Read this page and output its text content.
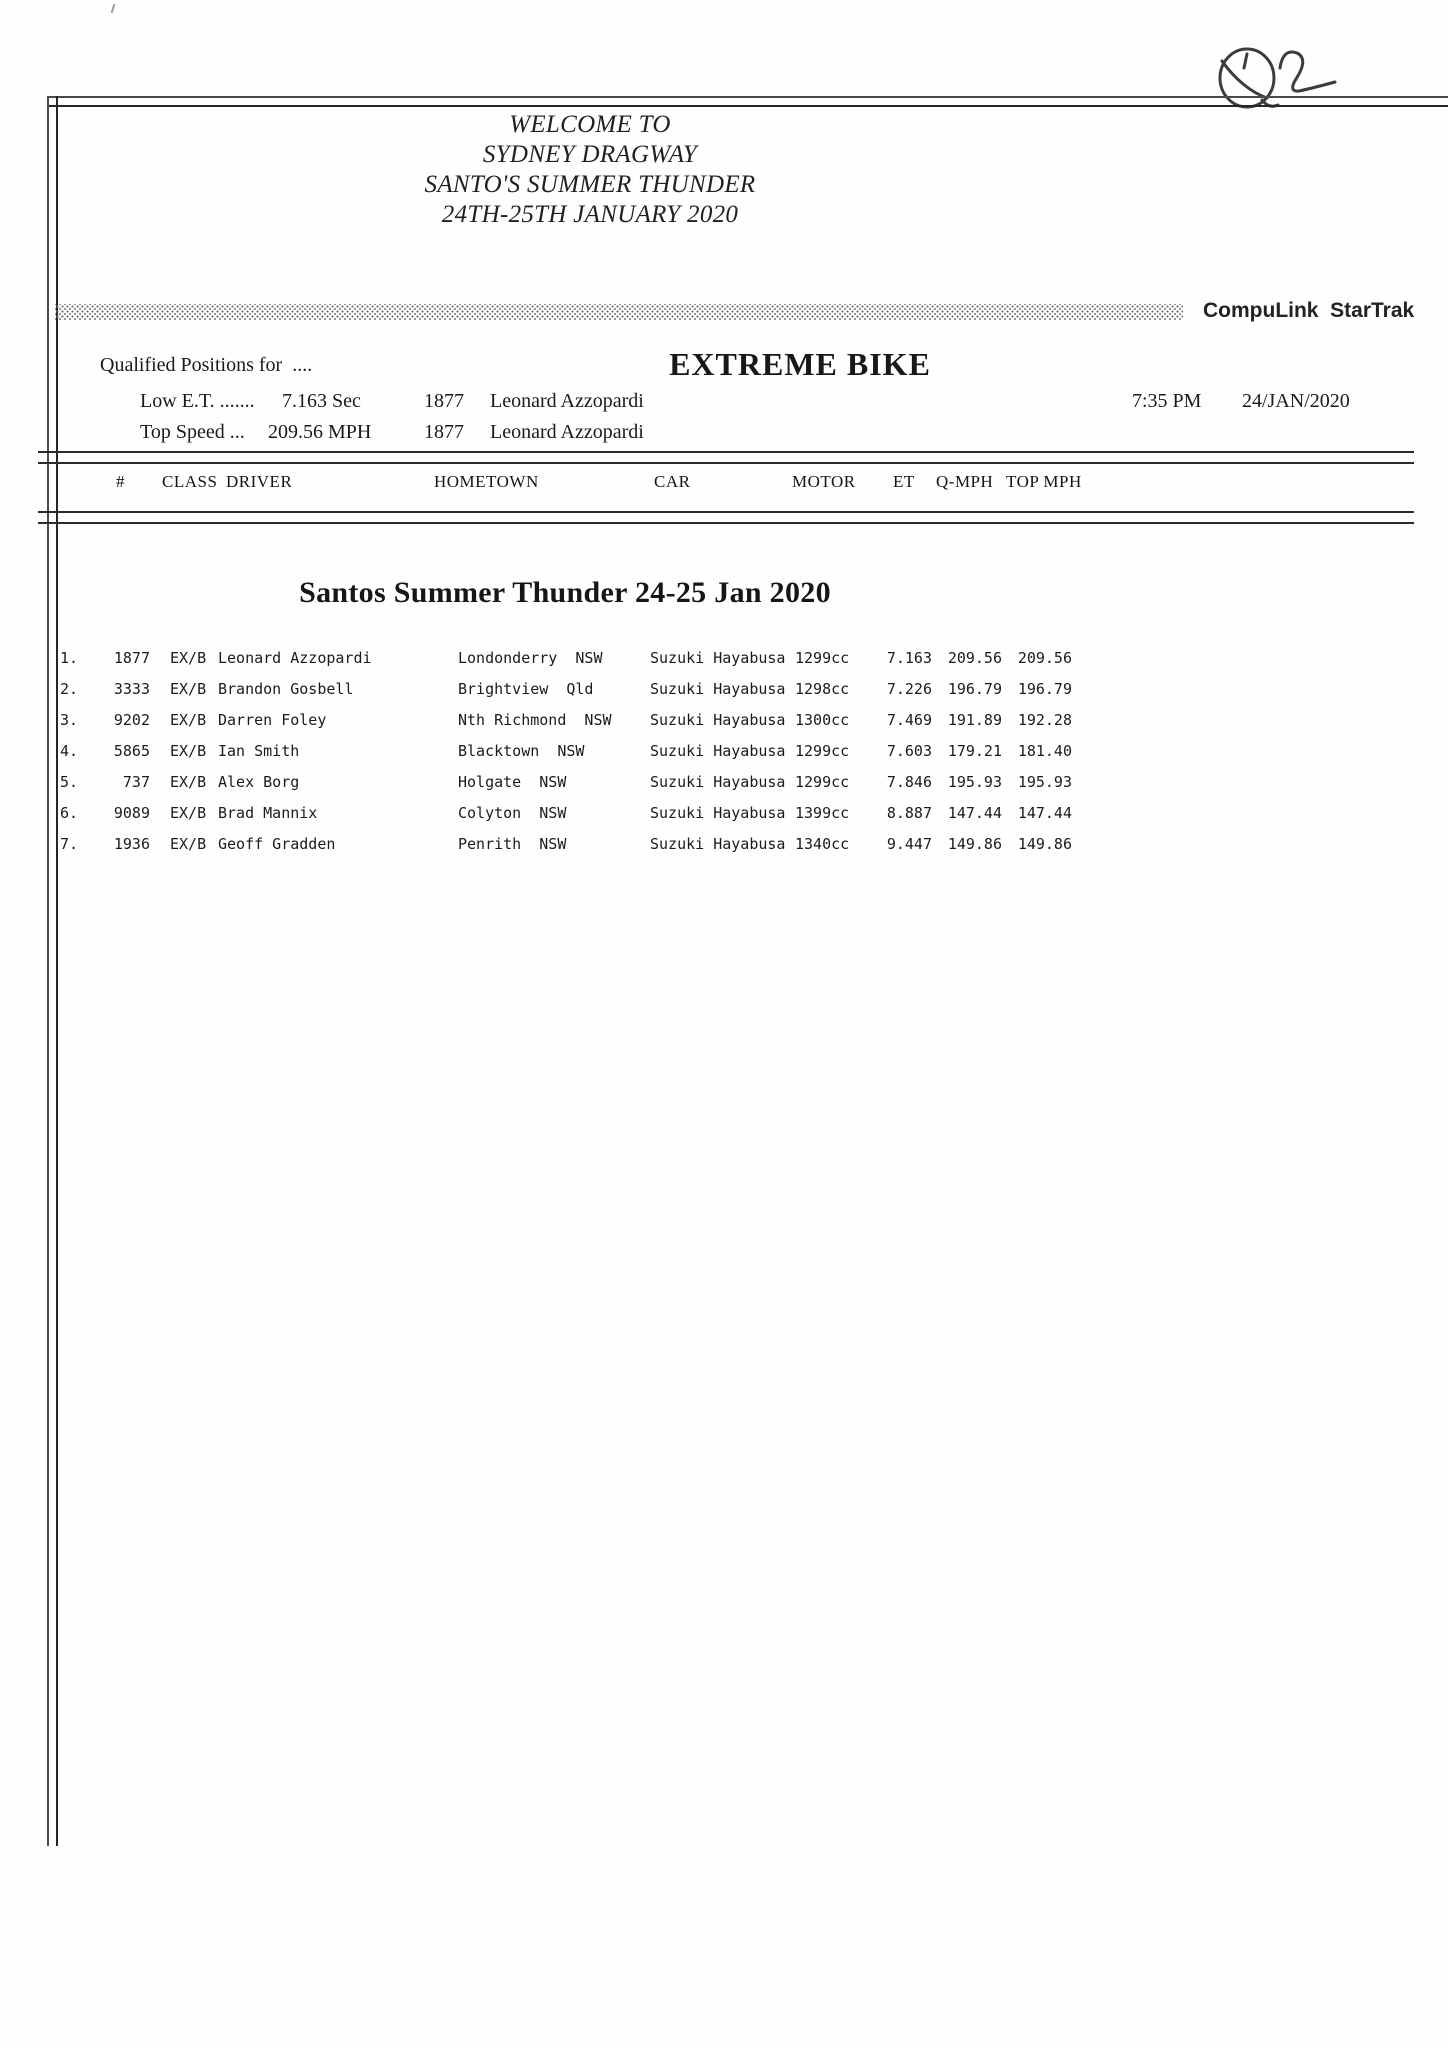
WELCOME TO
SYDNEY DRAGWAY
SANTO'S SUMMER THUNDER
24TH-25TH JANUARY 2020
CompuLink  StarTrak
Qualified Positions for  ....	EXTREME BIKE
Low E.T. ....... 7.163 Sec	1877 Leonard Azzopardi	7:35 PM 24/JAN/2020
Top Speed ... 209.56 MPH	1877 Leonard Azzopardi
# CLASS DRIVER	HOMETOWN	CAR	MOTOR ET Q-MPH TOP MPH
Santos Summer Thunder 24-25 Jan 2020
1.	1877 EX/B Leonard Azzopardi	Londonderry  NSW	Suzuki Hayabusa 1299cc	7.163	209.56	209.56
2.	3333 EX/B Brandon Gosbell	Brightview  Qld	Suzuki Hayabusa 1298cc	7.226	196.79	196.79
3.	9202 EX/B Darren Foley	Nth Richmond  NSW	Suzuki Hayabusa 1300cc	7.469	191.89	192.28
4.	5865 EX/B Ian Smith	Blacktown  NSW	Suzuki Hayabusa 1299cc	7.603	179.21	181.40
5.	737 EX/B Alex Borg	Holgate  NSW	Suzuki Hayabusa 1299cc	7.846	195.93	195.93
6.	9089 EX/B Brad Mannix	Colyton  NSW	Suzuki Hayabusa 1399cc	8.887	147.44	147.44
7.	1936 EX/B Geoff Gradden	Penrith  NSW	Suzuki Hayabusa 1340cc	9.447	149.86	149.86
